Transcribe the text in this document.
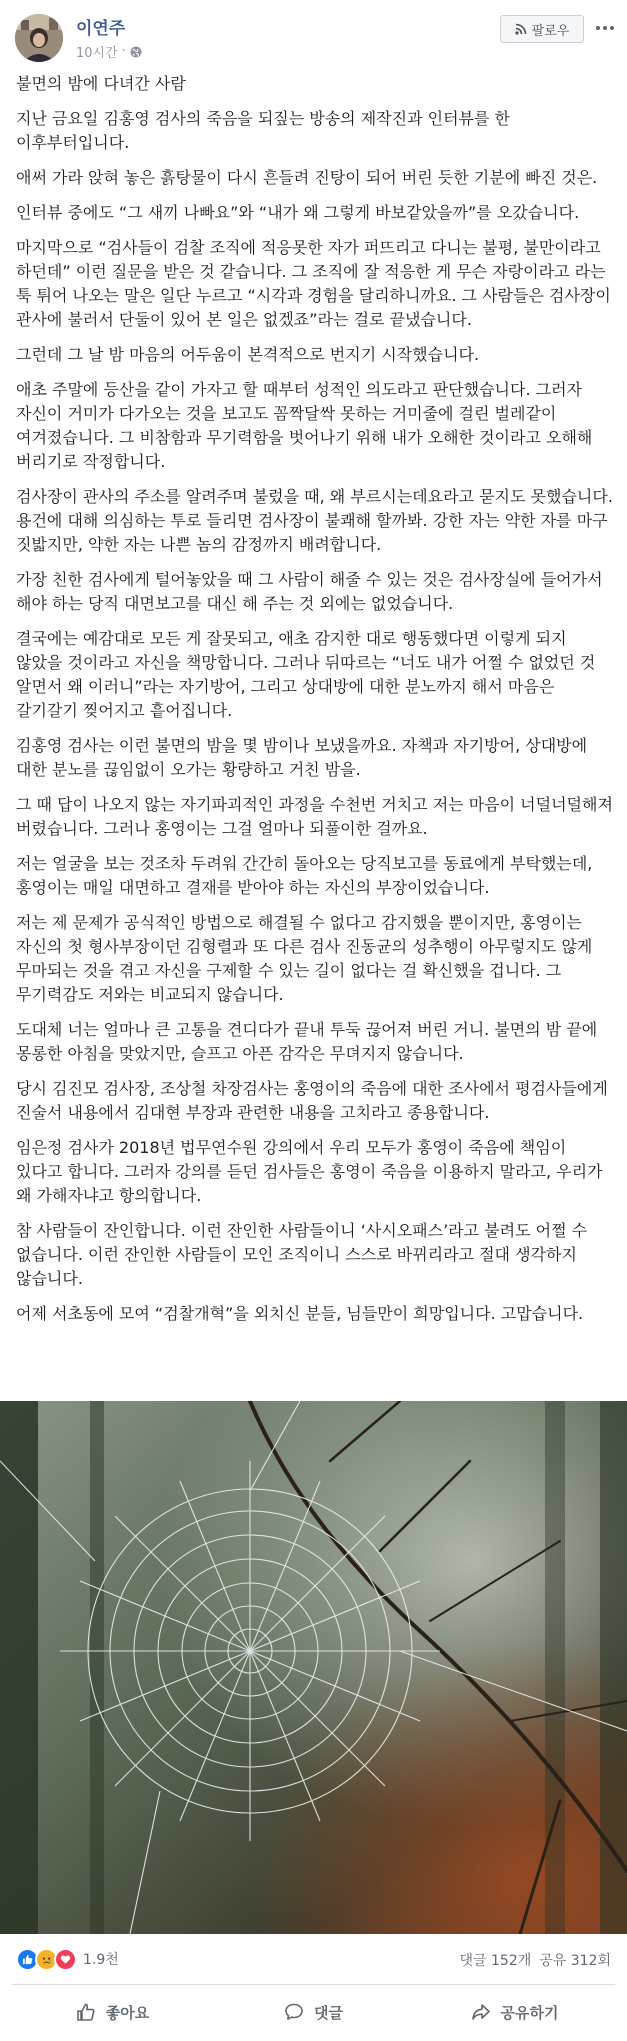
이연주
10시간 ·
팔로우

불면의 밤에 다녀간 사람

지난 금요일 김홍영 검사의 죽음을 되짚는 방송의 제작진과 인터뷰를 한 이후부터입니다.

애써 가라 앉혀 놓은 흙탕물이 다시 흔들려 진탕이 되어 버린 듯한 기분에 빠진 것은.

인터뷰 중에도 “그 새끼 나빠요”와 “내가 왜 그렇게 바보같았을까”를 오갔습니다.

마지막으로 “검사들이 검찰 조직에 적응못한 자가 퍼뜨리고 다니는 불평, 불만이라고 하던데” 이런 질문을 받은 것 같습니다. 그 조직에 잘 적응한 게 무슨 자랑이라고 라는 툭 튀어 나오는 말은 일단 누르고 “시각과 경험을 달리하니까요. 그 사람들은 검사장이 관사에 불러서 단둘이 있어 본 일은 없겠죠”라는 걸로 끝냈습니다.

그런데 그 날 밤 마음의 어두움이 본격적으로 번지기 시작했습니다.

애초 주말에 등산을 같이 가자고 할 때부터 성적인 의도라고 판단했습니다. 그러자 자신이 거미가 다가오는 것을 보고도 꼼짝달싹 못하는 거미줄에 걸린 벌레같이 여겨졌습니다. 그 비참함과 무기력함을 벗어나기 위해 내가 오해한 것이라고 오해해 버리기로 작정합니다.

검사장이 관사의 주소를 알려주며 불렀을 때, 왜 부르시는데요라고 묻지도 못했습니다. 용건에 대해 의심하는 투로 들리면 검사장이 불쾌해 할까봐. 강한 자는 약한 자를 마구 짓밟지만, 약한 자는 나쁜 놈의 감정까지 배려합니다.

가장 친한 검사에게 털어놓았을 때 그 사람이 해줄 수 있는 것은 검사장실에 들어가서 해야 하는 당직 대면보고를 대신 해 주는 것 외에는 없었습니다.

결국에는 예감대로 모든 게 잘못되고, 애초 감지한 대로 행동했다면 이렇게 되지 않았을 것이라고 자신을 책망합니다. 그러나 뒤따르는 “너도 내가 어쩔 수 없었던 것 알면서 왜 이러니”라는 자기방어, 그리고 상대방에 대한 분노까지 해서 마음은 갈기갈기 찢어지고 흩어집니다.

김홍영 검사는 이런 불면의 밤을 몇 밤이나 보냈을까요. 자책과 자기방어, 상대방에 대한 분노를 끊임없이 오가는 황량하고 거친 밤을.

그 때 답이 나오지 않는 자기파괴적인 과정을 수천번 거치고 저는 마음이 너덜너덜해져 버렸습니다. 그러나 홍영이는 그걸 얼마나 되풀이한 걸까요.

저는 얼굴을 보는 것조차 두려워 간간히 돌아오는 당직보고를 동료에게 부탁했는데, 홍영이는 매일 대면하고 결재를 받아야 하는 자신의 부장이었습니다.

저는 제 문제가 공식적인 방법으로 해결될 수 없다고 감지했을 뿐이지만, 홍영이는 자신의 첫 형사부장이던 김형렬과 또 다른 검사 진동균의 성추행이 아무렇지도 않게 무마되는 것을 겪고 자신을 구제할 수 있는 길이 없다는 걸 확신했을 겁니다. 그 무기력감도 저와는 비교되지 않습니다.

도대체 너는 얼마나 큰 고통을 견디다가 끝내 투둑 끊어져 버린 거니. 불면의 밤 끝에 몽롱한 아침을 맞았지만, 슬프고 아픈 감각은 무뎌지지 않습니다.

당시 김진모 검사장, 조상철 차장검사는 홍영이의 죽음에 대한 조사에서 평검사들에게 진술서 내용에서 김대현 부장과 관련한 내용을 고치라고 종용합니다.

임은정 검사가 2018년 법무연수원 강의에서 우리 모두가 홍영이 죽음에 책임이 있다고 합니다. 그러자 강의를 듣던 검사들은 홍영이 죽음을 이용하지 말라고, 우리가 왜 가해자냐고 항의합니다.

참 사람들이 잔인합니다. 이런 잔인한 사람들이니 ‘사시오패스’라고 불려도 어쩔 수 없습니다. 이런 잔인한 사람들이 모인 조직이니 스스로 바뀌리라고 절대 생각하지 않습니다.

어제 서초동에 모여 “검찰개혁”을 외치신 분들, 님들만이 희망입니다. 고맙습니다.

1.9천	댓글 152개 공유 312회
좋아요	댓글	공유하기
